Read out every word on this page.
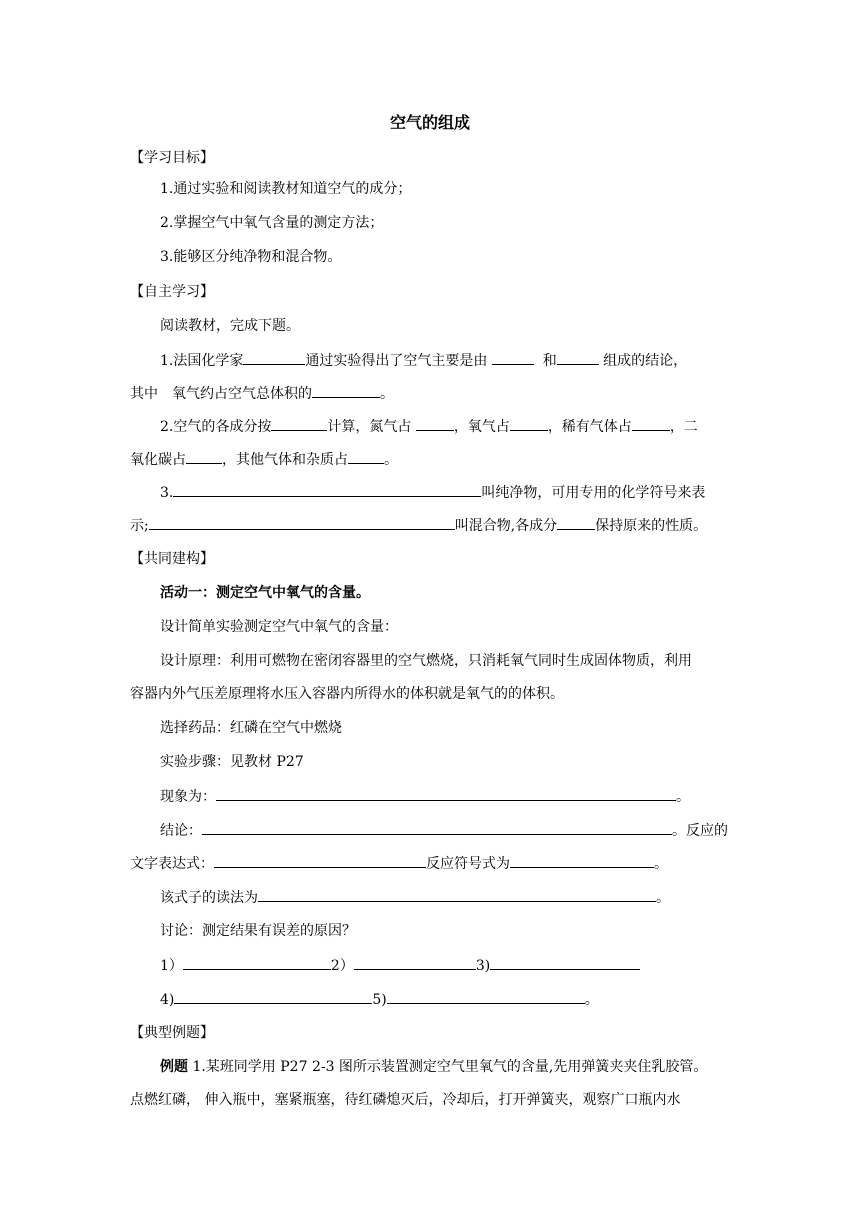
空气的组成
【学习目标】
1.通过实验和阅读教材知道空气的成分；
2.掌握空气中氧气含量的测定方法；
3.能够区分纯净物和混合物。
【自主学习】
阅读教材，完成下题。
1.法国化学家	通过实验得出了空气主要是由	和	组成的结论，
其中　氧气约占空气总体积的	。
2.空气的各成分按	计算，氮气占	，氧气占	，稀有气体占	，二
氧化碳占	，其他气体和杂质占	。
3.	叫纯净物，可用专用的化学符号来表
示;	叫混合物,各成分	保持原来的性质。
【共同建构】
活动一：测定空气中氧气的含量。
设计简单实验测定空气中氧气的含量：
设计原理：利用可燃物在密闭容器里的空气燃烧，只消耗氧气同时生成固体物质，利用
容器内外气压差原理将水压入容器内所得水的体积就是氧气的的体积。
选择药品：红磷在空气中燃烧
实验步骤：见教材 P27
现象为：	。
结论：	。反应的
文字表达式：	反应符号式为	。
该式子的读法为	。
讨论：测定结果有误差的原因？
1）	2）	3)
4)	5)	。
【典型例题】
例题 1.某班同学用 P27 2-3 图所示装置测定空气里氧气的含量,先用弹簧夹夹住乳胶管。
点燃红磷， 伸入瓶中，塞紧瓶塞，待红磷熄灭后，冷却后，打开弹簧夹，观察广口瓶内水
